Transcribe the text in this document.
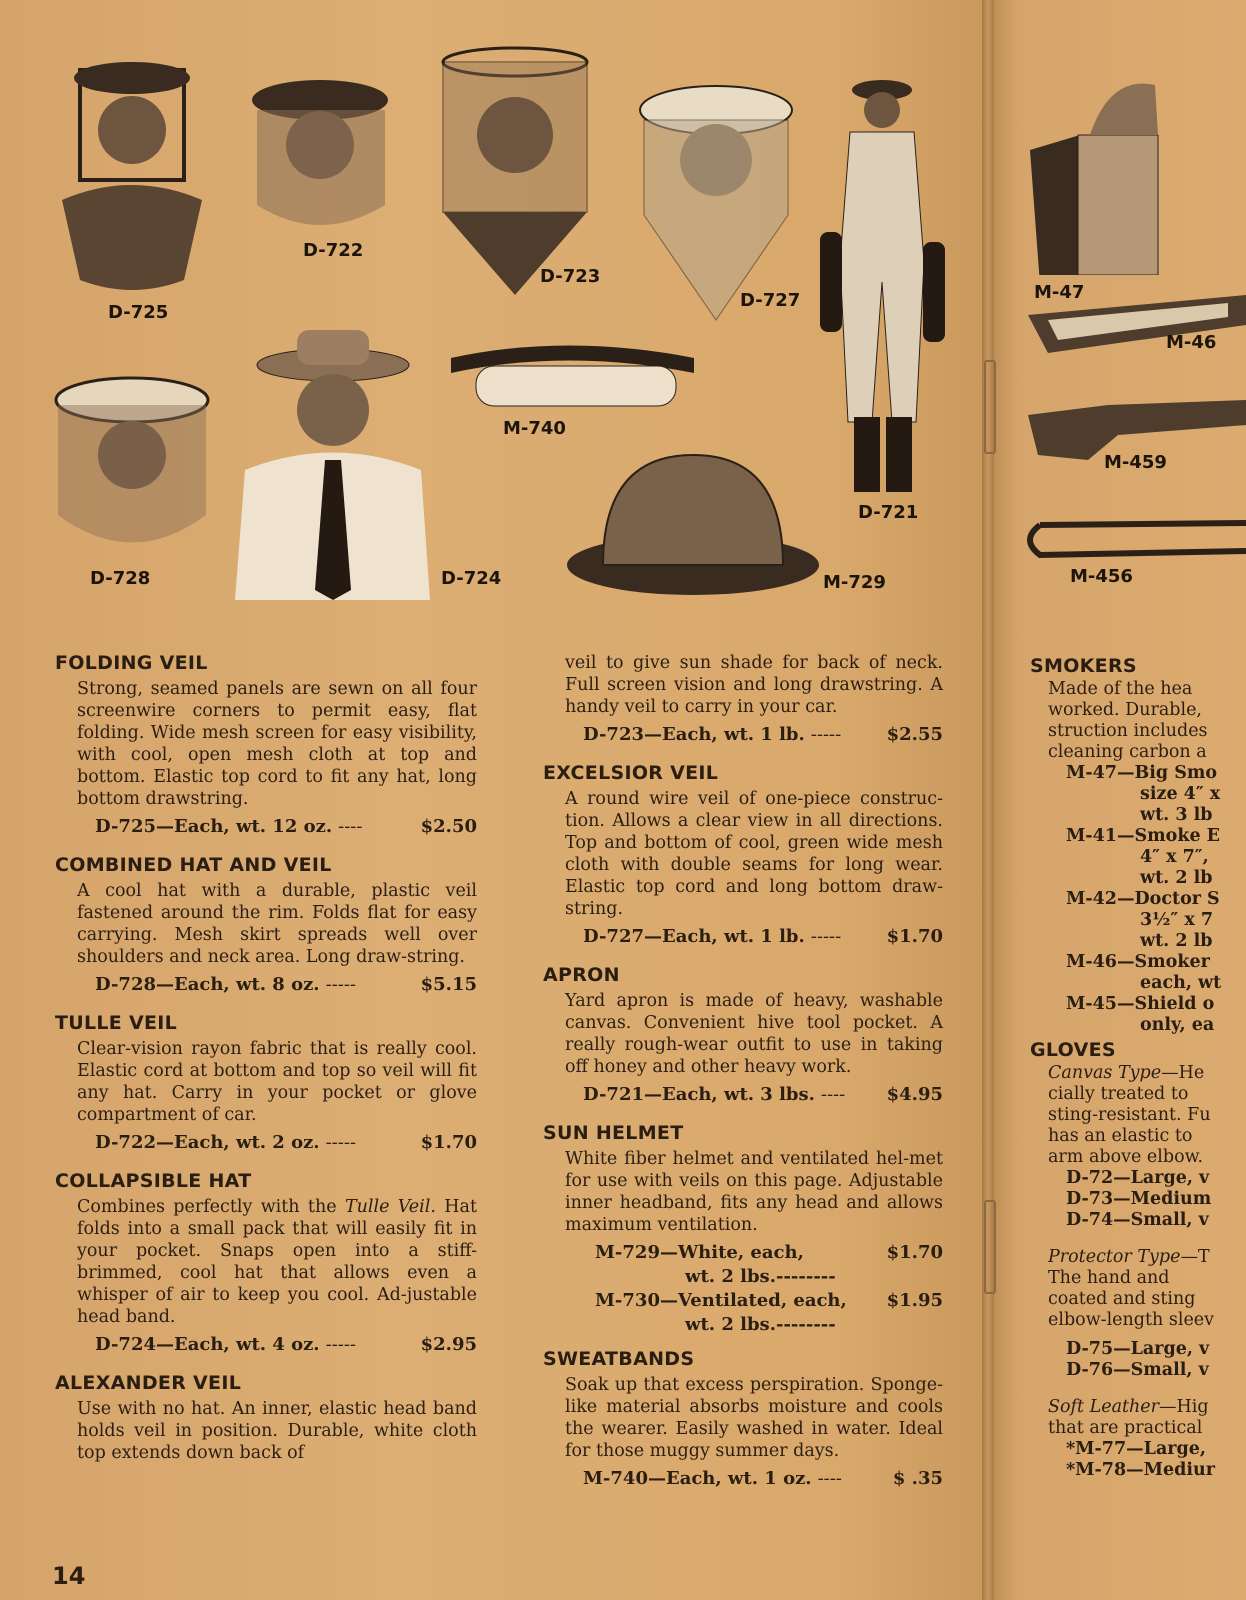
D-725
D-722
D-723
D-727
D-721
D-728	D-724
M-740
M-729
M-47
M-46
M-459
M-456
FOLDING VEIL
Strong, seamed panels are sewn on all four screenwire corners to permit easy, flat folding. Wide mesh screen for easy visibility, with cool, open mesh cloth at top and bottom. Elastic top cord to fit any hat, long bottom drawstring.
D-725—Each, wt. 12 oz. ----	$2.50
COMBINED HAT AND VEIL
A cool hat with a durable, plastic veil fastened around the rim. Folds flat for easy carrying. Mesh skirt spreads well over shoulders and neck area. Long draw-string.
D-728—Each, wt. 8 oz. -----	$5.15
TULLE VEIL
Clear-vision rayon fabric that is really cool. Elastic cord at bottom and top so veil will fit any hat. Carry in your pocket or glove compartment of car.
D-722—Each, wt. 2 oz. -----	$1.70
COLLAPSIBLE HAT
Combines perfectly with the Tulle Veil. Hat folds into a small pack that will easily fit in your pocket. Snaps open into a stiff-brimmed, cool hat that allows even a whisper of air to keep you cool. Ad-justable head band.
D-724—Each, wt. 4 oz. -----	$2.95
ALEXANDER VEIL
Use with no hat. An inner, elastic head band holds veil in position. Durable, white cloth top extends down back of
veil to give sun shade for back of neck. Full screen vision and long drawstring. A handy veil to carry in your car.
D-723—Each, wt. 1 lb. -----	$2.55
EXCELSIOR VEIL
A round wire veil of one-piece construc-tion. Allows a clear view in all directions. Top and bottom of cool, green wide mesh cloth with double seams for long wear. Elastic top cord and long bottom draw-string.
D-727—Each, wt. 1 lb. -----	$1.70
APRON
Yard apron is made of heavy, washable canvas. Convenient hive tool pocket. A really rough-wear outfit to use in taking off honey and other heavy work.
D-721—Each, wt. 3 lbs. ---- $4.95
SUN HELMET
White fiber helmet and ventilated hel-met for use with veils on this page. Adjustable inner headband, fits any head and allows maximum ventilation.
M-729—White, each,	$1.70
wt. 2 lbs.--------
M-730—Ventilated, each, $1.95
wt. 2 lbs.--------
SWEATBANDS
Soak up that excess perspiration. Sponge-like material absorbs moisture and cools the wearer. Easily washed in water. Ideal for those muggy summer days.
M-740—Each, wt. 1 oz. ----	$ .35
SMOKERS
Made of the hea
worked. Durable,
struction includes
cleaning carbon a
M-47—Big Smo
size 4″ x
wt. 3 lb
M-41—Smoke E
4″ x 7″,
wt. 2 lb
M-42—Doctor S
3½″ x 7
wt. 2 lb
M-46—Smoker
each, wt
M-45—Shield o
only, ea
GLOVES
Canvas Type—He
cially treated to
sting-resistant. Fu
has an elastic to
arm above elbow.
D-72—Large, v
D-73—Medium
D-74—Small, v
Protector Type—T
The hand and
coated and sting
elbow-length sleev
D-75—Large, v
D-76—Small, v
Soft Leather—Hig
that are practical
*M-77—Large,
*M-78—Mediur
14
